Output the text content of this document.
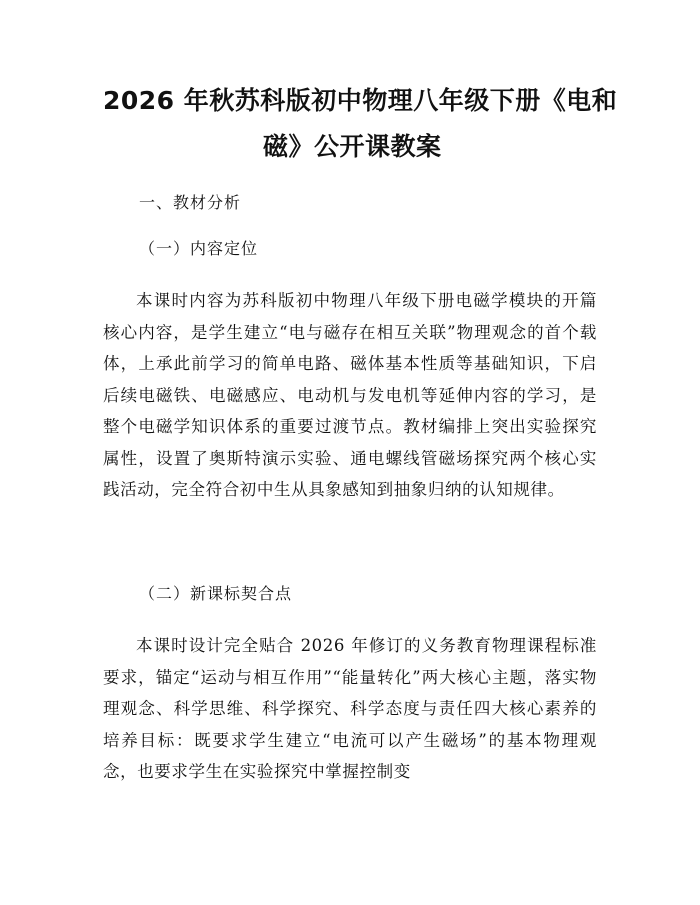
2026 年秋苏科版初中物理八年级下册《电和
磁》公开课教案
一、教材分析
（一）内容定位
本课时内容为苏科版初中物理八年级下册电磁学模块的开篇核心内容，是学生建立“电与磁存在相互关联”物理观念的首个载体，上承此前学习的简单电路、磁体基本性质等基础知识，下启后续电磁铁、电磁感应、电动机与发电机等延伸内容的学习，是整个电磁学知识体系的重要过渡节点。教材编排上突出实验探究属性，设置了奥斯特演示实验、通电螺线管磁场探究两个核心实践活动，完全符合初中生从具象感知到抽象归纳的认知规律。
（二）新课标契合点
本课时设计完全贴合 2026 年修订的义务教育物理课程标准要求，锚定“运动与相互作用”“能量转化”两大核心主题，落实物理观念、科学思维、科学探究、科学态度与责任四大核心素养的培养目标：既要求学生建立“电流可以产生磁场”的基本物理观念，也要求学生在实验探究中掌握控制变
